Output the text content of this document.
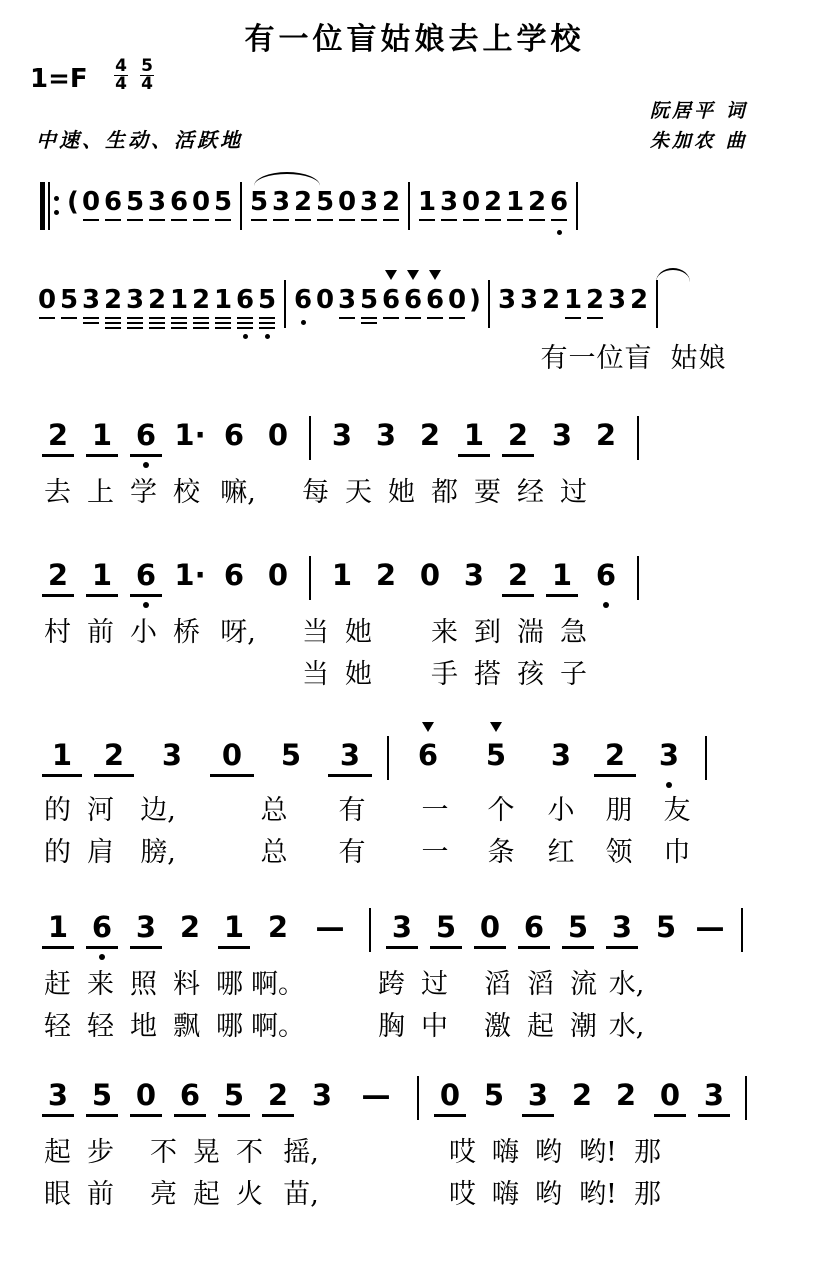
有一位盲姑娘去上学校
$1=F \frac{4}{4} \frac{5}{4}$
中速、生动、活跃地
阮居平 词
朱加农 曲
( 0 6 5 3 6 0 5 5 3 2 5 0 3 2 1 3 0 2 1 2 6
0 5 3 2 3 2 1 2 1 6 5 6 0 3 5 6 6 6 0 ) 3 3 2 1 2 3 2
有 一 位 盲 姑 娘
2 1 6 1· 6 0	3 3 2 1 2 3 2
去 上 学 校 嘛,	每 天 她 都 要 经 过
2 1 6 1· 6 0	1 2 0 3 2 1 6
村 前 小 桥 呀,	当 她 来 到 湍 急
当 她 手 搭 孩 子
1	2	3	0	5	3	6	5	3	2	3
的 河 边,	总	有	一	个	小	朋	友
的 肩 膀,	总	有	一	条	红	领	巾
1 6 3 2 1 2 —	3 5 0 6 5 3 5 —
赶 来 照 料 哪 啊。	跨 过 滔 滔 流 水,
轻 轻 地 飘 哪 啊。	胸 中 激 起 潮 水,
3 5 0 6 5 2 3	—	0 5 3 2 2 0 3
起 步 不 晃 不 摇,	哎 嗨 哟 哟! 那
眼 前 亮 起 火 苗,	哎 嗨 哟 哟! 那
